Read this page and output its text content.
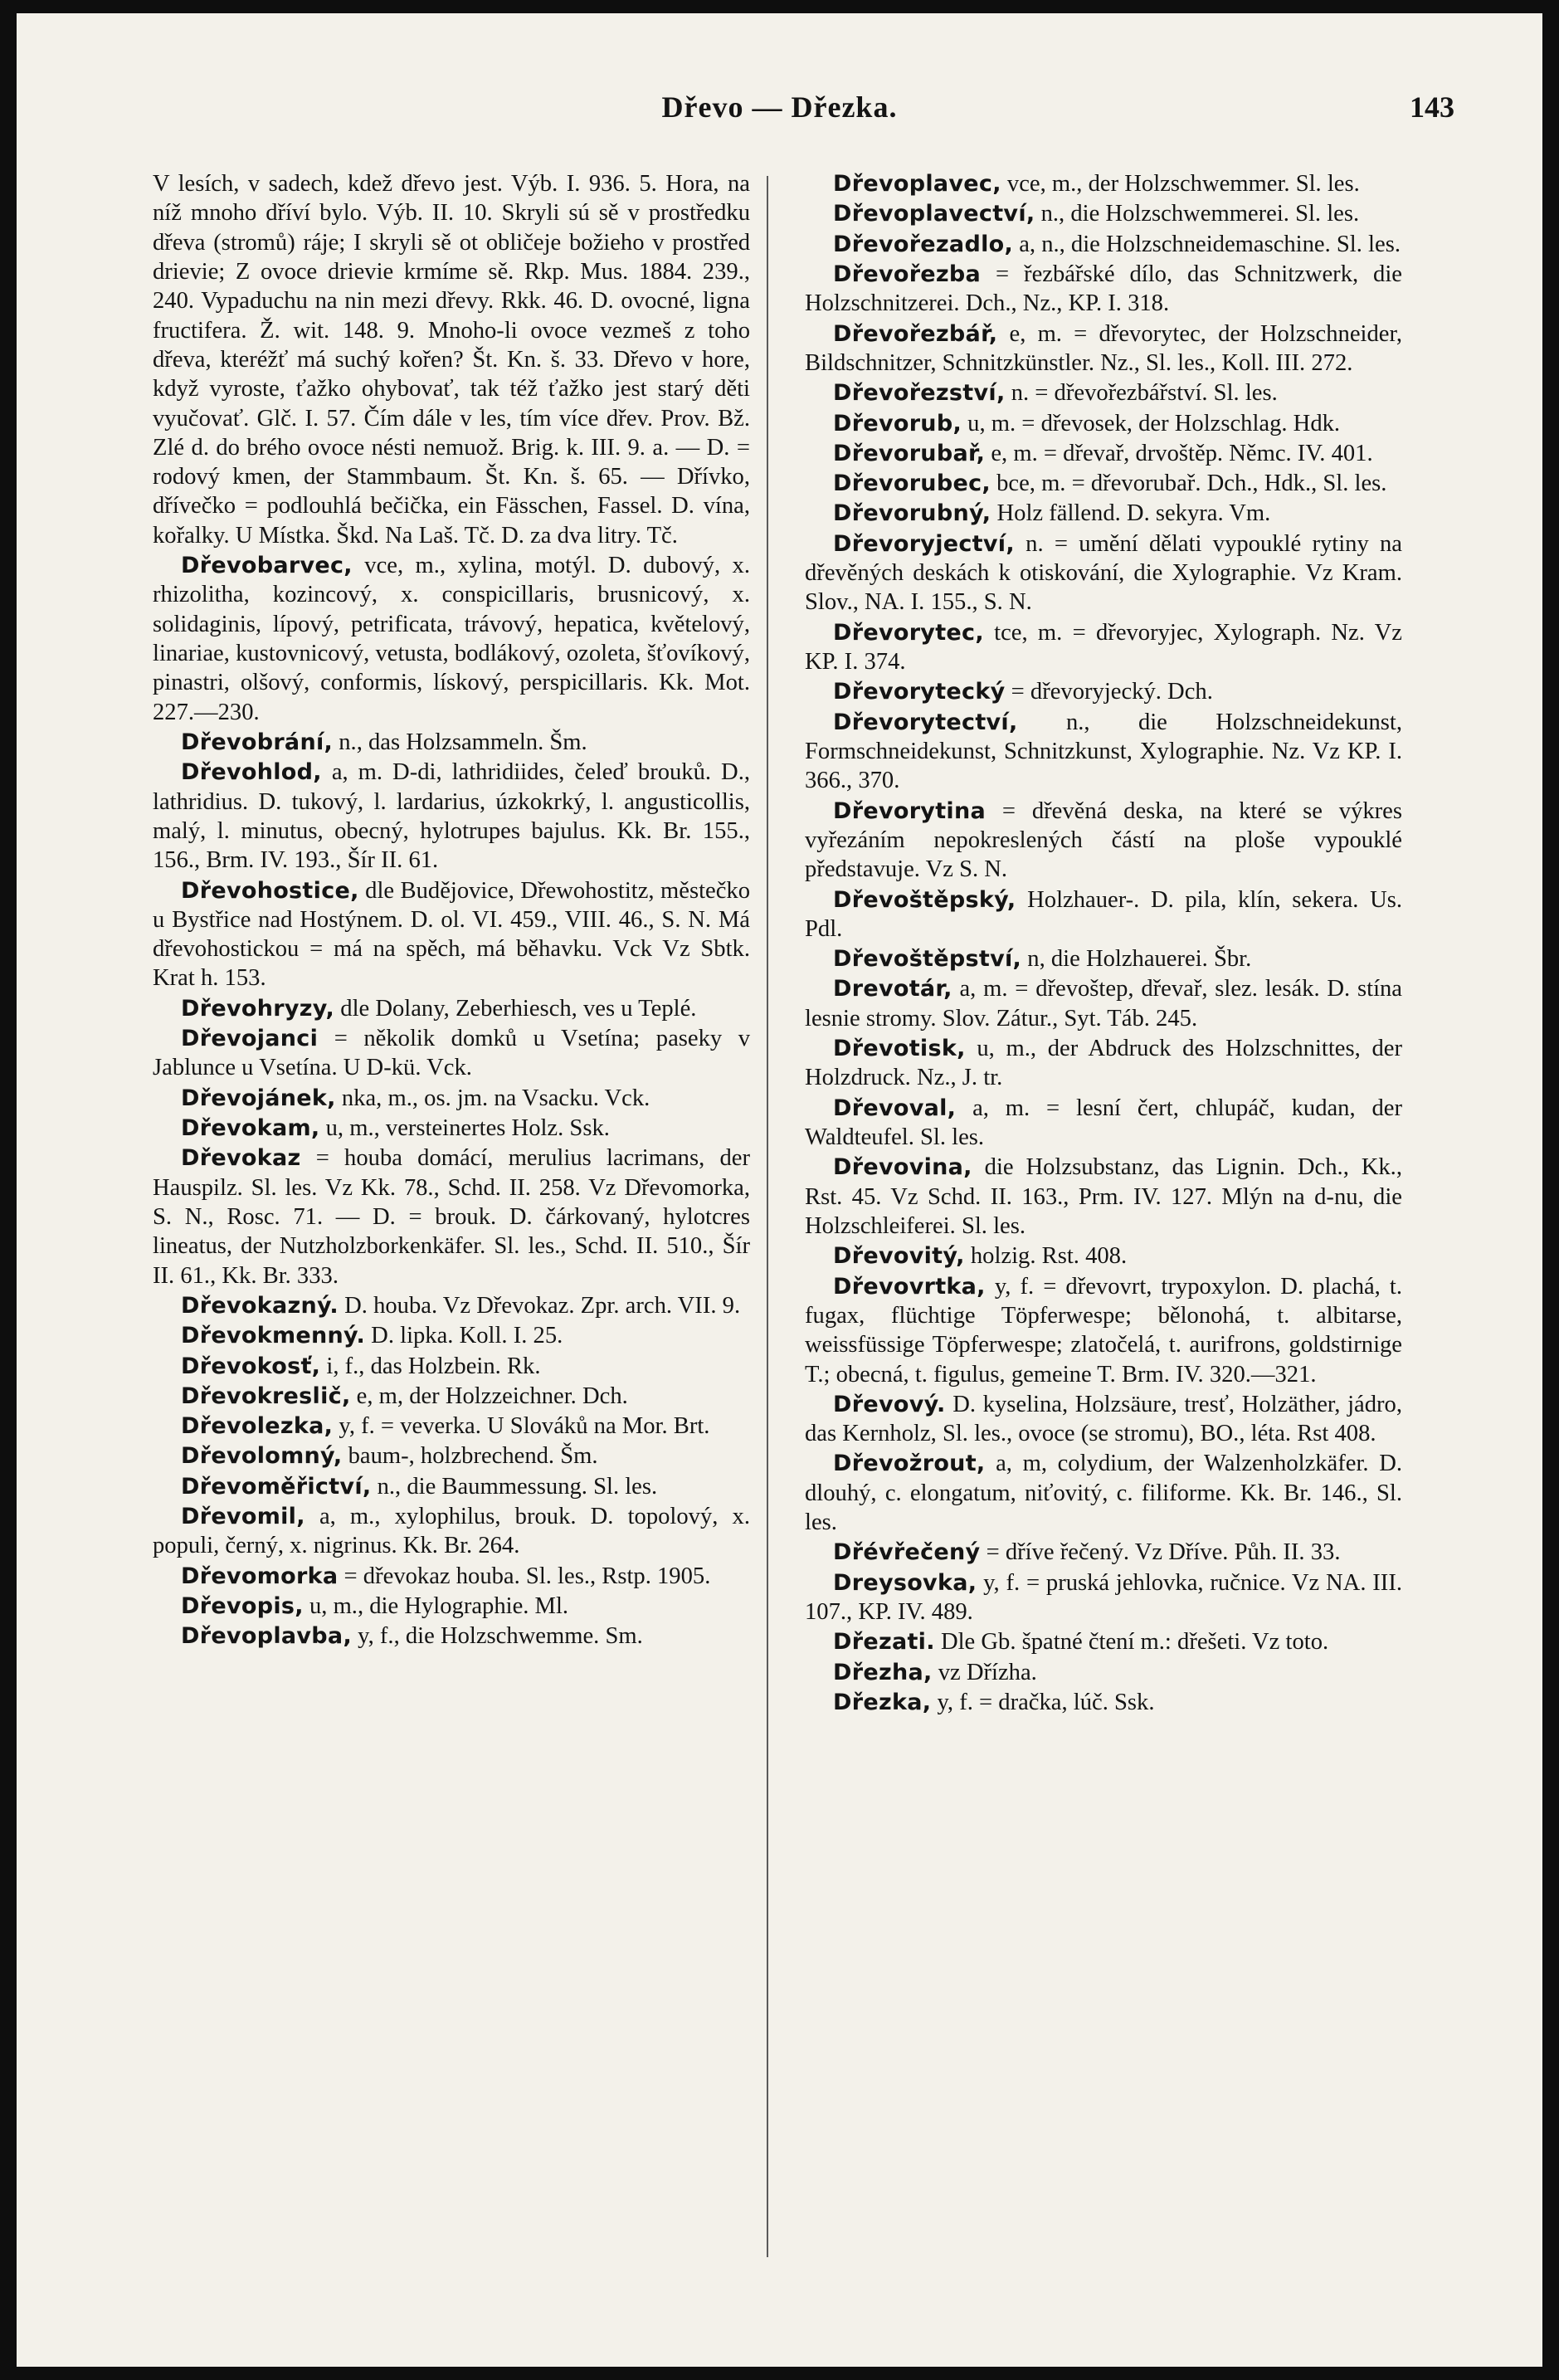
Dřevo — Dřezka.	143

V lesích, v sadech, kdež dřevo jest. Výb. I. 936. 5. Hora, na níž mnoho dříví bylo. Výb. II. 10. Skryli sú sě v prostředku dřeva (stromů) ráje; I skryli sě ot obličeje božieho v prostřed drievie; Z ovoce drievie krmíme sě. Rkp. Mus. 1884. 239., 240. Vypaduchu na nin mezi dřevy. Rkk. 46. D. ovocné, ligna fructifera. Ž. wit. 148. 9. Mnoho-li ovoce vezmeš z toho dřeva, kteréžť má suchý kořen? Št. Kn. š. 33. Dřevo v hore, když vyroste, ťažko ohybovať, tak též ťažko jest starý děti vyučovať. Glč. I. 57. Čím dále v les, tím více dřev. Prov. Bž. Zlé d. do brého ovoce nésti nemuož. Brig. k. III. 9. a. — D. = rodový kmen, der Stammbaum. Št. Kn. š. 65. — Dřívko, dřívečko = podlouhlá bečička, ein Fässchen, Fassel. D. vína, kořalky. U Místka. Škd. Na Laš. Tč. D. za dva litry. Tč.

Dřevobarvec, vce, m., xylina, motýl. D. dubový, x. rhizolitha, kozincový, x. conspicillaris, brusnicový, x. solidaginis, lípový, petrificata, trávový, hepatica, květelový, linariae, kustovnicový, vetusta, bodlákový, ozoleta, šťovíkový, pinastri, olšový, conformis, lískový, perspicillaris. Kk. Mot. 227.—230.

Dřevobrání, n., das Holzsammeln. Šm.

Dřevohlod, a, m. D-di, lathridiides, čeleď brouků. D., lathridius. D. tukový, l. lardarius, úzkokrký, l. angusticollis, malý, l. minutus, obecný, hylotrupes bajulus. Kk. Br. 155., 156., Brm. IV. 193., Šír II. 61.

Dřevohostice, dle Budějovice, Dřewohostitz, městečko u Bystřice nad Hostýnem. D. ol. VI. 459., VIII. 46., S. N. Má dřevohostickou = má na spěch, má běhavku. Vck Vz Sbtk. Krat h. 153.

Dřevohryzy, dle Dolany, Zeberhiesch, ves u Teplé.

Dřevojanci = několik domků u Vsetína; paseky v Jablunce u Vsetína. U D-kü. Vck.

Dřevojánek, nka, m., os. jm. na Vsacku. Vck.

Dřevokam, u, m., versteinertes Holz. Ssk.

Dřevokaz = houba domácí, merulius lacrimans, der Hauspilz. Sl. les. Vz Kk. 78., Schd. II. 258. Vz Dřevomorka, S. N., Rosc. 71. — D. = brouk. D. čárkovaný, hylotcres lineatus, der Nutzholzborkenkäfer. Sl. les., Schd. II. 510., Šír II. 61., Kk. Br. 333.

Dřevokazný. D. houba. Vz Dřevokaz. Zpr. arch. VII. 9.

Dřevokmenný. D. lipka. Koll. I. 25.

Dřevokosť, i, f., das Holzbein. Rk.

Dřevokreslič, e, m, der Holzzeichner. Dch.

Dřevolezka, y, f. = veverka. U Slováků na Mor. Brt.

Dřevolomný, baum-, holzbrechend. Šm.

Dřevoměřictví, n., die Baummessung. Sl. les.

Dřevomil, a, m., xylophilus, brouk. D. topolový, x. populi, černý, x. nigrinus. Kk. Br. 264.

Dřevomorka = dřevokaz houba. Sl. les., Rstp. 1905.

Dřevopis, u, m., die Hylographie. Ml.

Dřevoplavba, y, f., die Holzschwemme. Sm.

Dřevoplavec, vce, m., der Holzschwemmer. Sl. les.

Dřevoplavectví, n., die Holzschwemmerei. Sl. les.

Dřevořezadlo, a, n., die Holzschneidemaschine. Sl. les.

Dřevořezba = řezbářské dílo, das Schnitzwerk, die Holzschnitzerei. Dch., Nz., KP. I. 318.

Dřevořezbář, e, m. = dřevorytec, der Holzschneider, Bildschnitzer, Schnitzkünstler. Nz., Sl. les., Koll. III. 272.

Dřevořezství, n. = dřevořezbářství. Sl. les.

Dřevorub, u, m. = dřevosek, der Holzschlag. Hdk.

Dřevorubař, e, m. = dřevař, drvoštěp. Němc. IV. 401.

Dřevorubec, bce, m. = dřevorubař. Dch., Hdk., Sl. les.

Dřevorubný, Holz fällend. D. sekyra. Vm.

Dřevoryjectví, n. = umění dělati vypouklé rytiny na dřevěných deskách k otiskování, die Xylographie. Vz Kram. Slov., NA. I. 155., S. N.

Dřevorytec, tce, m. = dřevoryjec, Xylograph. Nz. Vz KP. I. 374.

Dřevorytecký = dřevoryjecký. Dch.

Dřevorytectví, n., die Holzschneidekunst, Formschneidekunst, Schnitzkunst, Xylographie. Nz. Vz KP. I. 366., 370.

Dřevorytina = dřevěná deska, na které se výkres vyřezáním nepokreslených částí na ploše vypouklé představuje. Vz S. N.

Dřevoštěpský, Holzhauer-. D. pila, klín, sekera. Us. Pdl.

Dřevoštěpství, n, die Holzhauerei. Šbr.

Drevotár, a, m. = dřevoštep, dřevař, slez. lesák. D. stína lesnie stromy. Slov. Zátur., Syt. Táb. 245.

Dřevotisk, u, m., der Abdruck des Holzschnittes, der Holzdruck. Nz., J. tr.

Dřevoval, a, m. = lesní čert, chlupáč, kudan, der Waldteufel. Sl. les.

Dřevovina, die Holzsubstanz, das Lignin. Dch., Kk., Rst. 45. Vz Schd. II. 163., Prm. IV. 127. Mlýn na d-nu, die Holzschleiferei. Sl. les.

Dřevovitý, holzig. Rst. 408.

Dřevovrtka, y, f. = dřevovrt, trypoxylon. D. plachá, t. fugax, flüchtige Töpferwespe; bělonohá, t. albitarse, weissfüssige Töpferwespe; zlatočelá, t. aurifrons, goldstirnige T.; obecná, t. figulus, gemeine T. Brm. IV. 320.—321.

Dřevový. D. kyselina, Holzsäure, tresť, Holzäther, jádro, das Kernholz, Sl. les., ovoce (se stromu), BO., léta. Rst 408.

Dřevožrout, a, m, colydium, der Walzenholzkäfer. D. dlouhý, c. elongatum, niťovitý, c. filiforme. Kk. Br. 146., Sl. les.

Dřévřečený = dříve řečený. Vz Dříve. Půh. II. 33.

Dreysovka, y, f. = pruská jehlovka, ručnice. Vz NA. III. 107., KP. IV. 489.

Dřezati. Dle Gb. špatné čtení m.: dřešeti. Vz toto.

Dřezha, vz Dřízha.

Dřezka, y, f. = dračka, lúč. Ssk.
